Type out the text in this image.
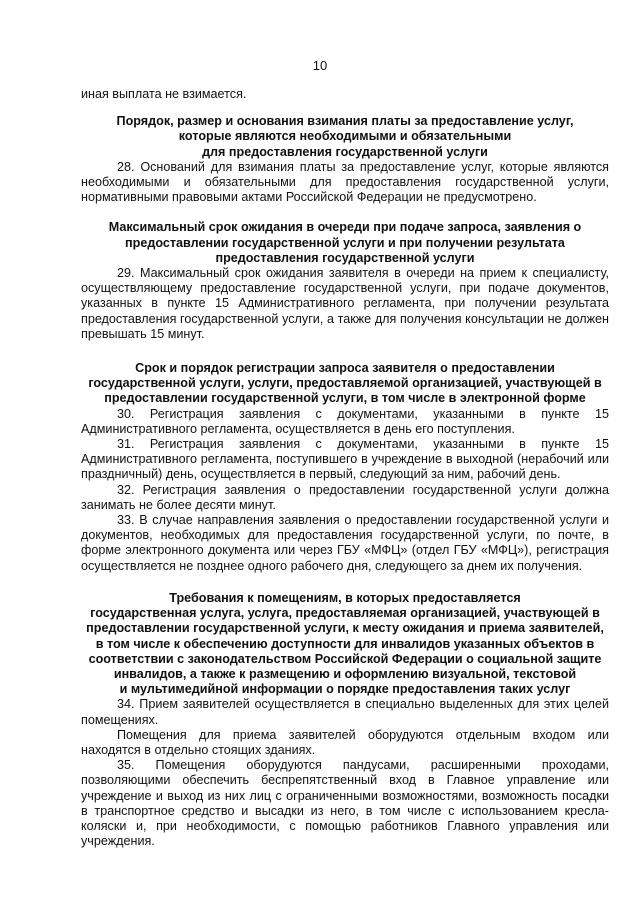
10

иная выплата не взимается.

Порядок, размер и основания взимания платы за предоставление услуг,
которые являются необходимыми и обязательными
для предоставления государственной услуги

28. Оснований для взимания платы за предоставление услуг, которые являются необходимыми и обязательными для предоставления государственной услуги, нормативными правовыми актами Российской Федерации не предусмотрено.

Максимальный срок ожидания в очереди при подаче запроса, заявления о
предоставлении государственной услуги и при получении результата
предоставления государственной услуги

29. Максимальный срок ожидания заявителя в очереди на прием к специалисту, осуществляющему предоставление государственной услуги, при подаче документов, указанных в пункте 15 Административного регламента, при получении результата предоставления государственной услуги, а также для получения консультации не должен превышать 15 минут.

Срок и порядок регистрации запроса заявителя о предоставлении
государственной услуги, услуги, предоставляемой организацией, участвующей в
предоставлении государственной услуги, в том числе в электронной форме

30. Регистрация заявления с документами, указанными в пункте 15 Административного регламента, осуществляется в день его поступления.

31. Регистрация заявления с документами, указанными в пункте 15 Административного регламента, поступившего в учреждение в выходной (нерабочий или праздничный) день, осуществляется в первый, следующий за ним, рабочий день.

32. Регистрация заявления о предоставлении государственной услуги должна занимать не более десяти минут.

33. В случае направления заявления о предоставлении государственной услуги и документов, необходимых для предоставления государственной услуги, по почте, в форме электронного документа или через ГБУ «МФЦ» (отдел ГБУ «МФЦ»), регистрация осуществляется не позднее одного рабочего дня, следующего за днем их получения.

Требования к помещениям, в которых предоставляется
государственная услуга, услуга, предоставляемая организацией, участвующей в
предоставлении государственной услуги, к месту ожидания и приема заявителей,
в том числе к обеспечению доступности для инвалидов указанных объектов в
соответствии с законодательством Российской Федерации о социальной защите
инвалидов, а также к размещению и оформлению визуальной, текстовой
и мультимедийной информации о порядке предоставления таких услуг

34. Прием заявителей осуществляется в специально выделенных для этих целей помещениях.

Помещения для приема заявителей оборудуются отдельным входом или находятся в отдельно стоящих зданиях.

35. Помещения оборудуются пандусами, расширенными проходами, позволяющими обеспечить беспрепятственный вход в Главное управление или учреждение и выход из них лиц с ограниченными возможностями, возможность посадки в транспортное средство и высадки из него, в том числе с использованием кресла-коляски и, при необходимости, с помощью работников Главного управления или учреждения.
